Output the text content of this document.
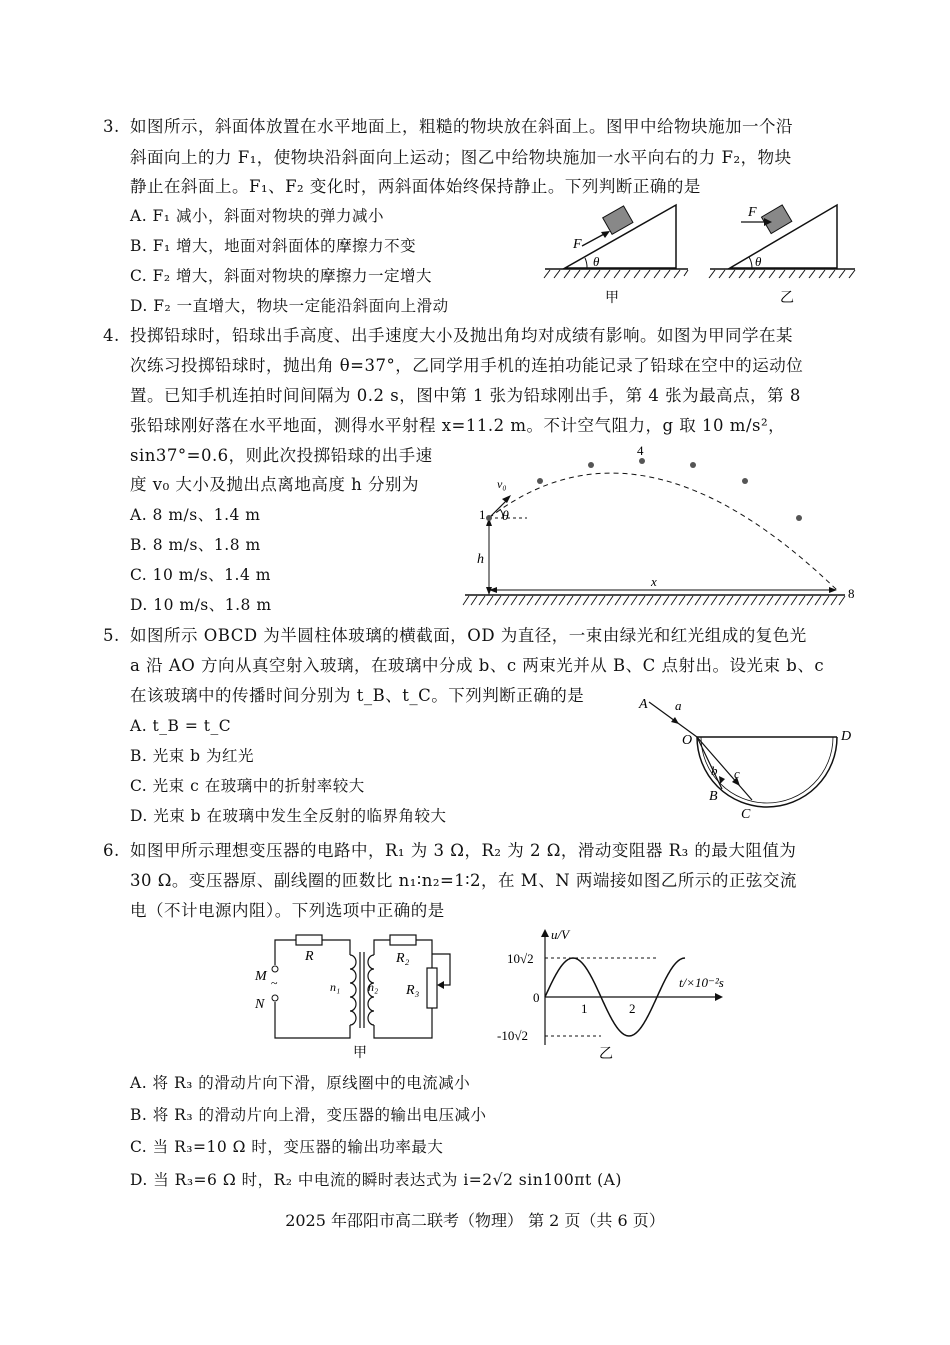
3. 如图所示，斜面体放置在水平地面上，粗糙的物块放在斜面上。图甲中给物块施加一个沿
斜面向上的力 F₁，使物块沿斜面向上运动；图乙中给物块施加一水平向右的力 F₂，物块
静止在斜面上。F₁、F₂ 变化时，两斜面体始终保持静止。下列判断正确的是
A. F₁ 减小，斜面对物块的弹力减小
B. F₁ 增大，地面对斜面体的摩擦力不变
C. F₂ 增大，斜面对物块的摩擦力一定增大
D. F₂ 一直增大，物块一定能沿斜面向上滑动
F
θ
甲
F
θ
乙
4. 投掷铅球时，铅球出手高度、出手速度大小及抛出角均对成绩有影响。如图为甲同学在某
次练习投掷铅球时，抛出角 θ=37°，乙同学用手机的连拍功能记录了铅球在空中的运动位
置。已知手机连拍时间间隔为 0.2 s，图中第 1 张为铅球刚出手，第 4 张为最高点，第 8
张铅球刚好落在水平地面，测得水平射程 x=11.2 m。不计空气阻力，g 取 10 m/s²，
sin37°=0.6，则此次投掷铅球的出手速
度 v₀ 大小及抛出点离地高度 h 分别为
A. 8 m/s、1.4 m
B. 8 m/s、1.8 m
C. 10 m/s、1.4 m
D. 10 m/s、1.8 m
h
x
v₀
θ
1
4
8
5. 如图所示 OBCD 为半圆柱体玻璃的横截面，OD 为直径，一束由绿光和红光组成的复色光
a 沿 AO 方向从真空射入玻璃，在玻璃中分成 b、c 两束光并从 B、C 点射出。设光束 b、c
在该玻璃中的传播时间分别为 t_B、t_C。下列判断正确的是
A. t_B = t_C
B. 光束 b 为红光
C. 光束 c 在玻璃中的折射率较大
D. 光束 b 在玻璃中发生全反射的临界角较大
A a
O	D
b c
B
C
6. 如图甲所示理想变压器的电路中，R₁ 为 3 Ω，R₂ 为 2 Ω，滑动变阻器 R₃ 的最大阻值为
30 Ω。变压器原、副线圈的匝数比 n₁∶n₂=1∶2，在 M、N 两端接如图乙所示的正弦交流
电（不计电源内阻）。下列选项中正确的是
A. 将 R₃ 的滑动片向下滑，原线圈中的电流减小
B. 将 R₃ 的滑动片向上滑，变压器的输出电压减小
C. 当 R₃=10 Ω 时，变压器的输出功率最大
D. 当 R₃=6 Ω 时，R₂ 中电流的瞬时表达式为 i=2√2 sin100πt (A)
~
M
N
R	R₂
R₃
n₁ n₂
甲
u/V
t/×10⁻²s
10√2
-10√2
0
1	2
乙
2025 年邵阳市高二联考（物理） 第 2 页（共 6 页）
